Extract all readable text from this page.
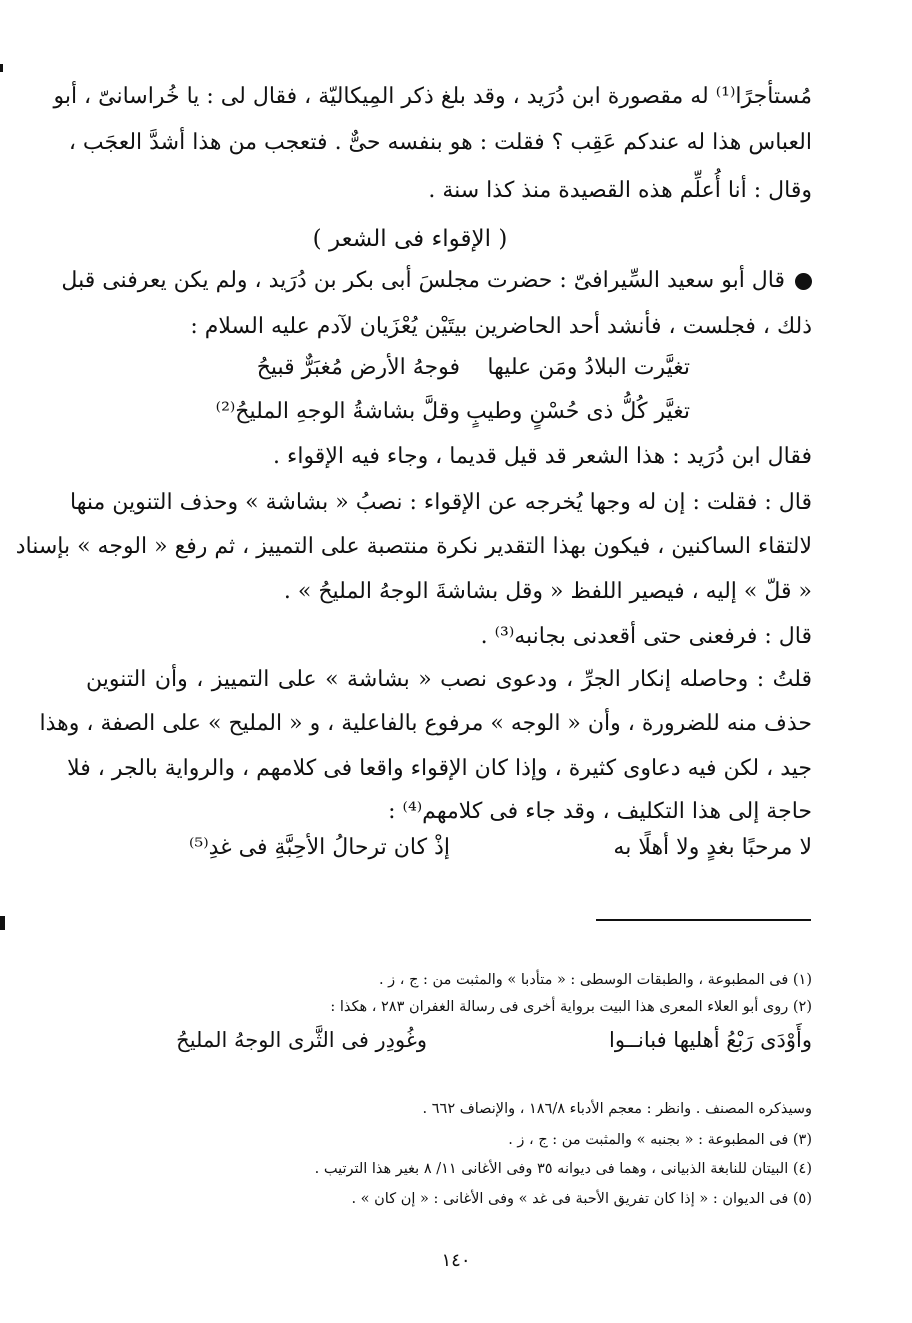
مُستأجرًا⁽¹⁾ له مقصورة ابن دُرَيد ، وقد بلغ ذكر المِيكاليّة ، فقال لى : يا خُراسانىّ ، أبو
العباس هذا له عندكم عَقِب ؟ فقلت : هو بنفسه حىٌّ . فتعجب من هذا أشدَّ العجَب ،
وقال : أنا أُعلِّم هذه القصيدة منذ كذا سنة .
( الإقواء فى الشعر )
قال أبو سعيد السِّيرافىّ : حضرت مجلسَ أبى بكر بن دُرَيد ، ولم يكن يعرفنى قبل
ذلك ، فجلست ، فأنشد أحد الحاضرين بيتَيْن يُعْزَيان لآدم عليه السلام :
تغيَّرت البلادُ ومَن عليها
فوجهُ الأرض مُغبَرٌّ قبيحُ
تغيَّر كُلُّ ذى حُسْنٍ وطيبٍ
وقلَّ بشاشةُ الوجهِ المليحُ⁽²⁾
فقال ابن دُرَيد : هذا الشعر قد قيل قديما ، وجاء فيه الإقواء .
قال : فقلت : إن له وجها يُخرجه عن الإقواء : نصبُ « بشاشة » وحذف التنوين منها
لالتقاء الساكنين ، فيكون بهذا التقدير نكرة منتصبة على التمييز ، ثم رفع « الوجه » بإسناد
« قلّ » إليه ، فيصير اللفظ « وقل بشاشةَ الوجهُ المليحُ » .
قال : فرفعنى حتى أقعدنى بجانبه⁽³⁾ .
قلتُ : وحاصله إنكار الجرِّ ، ودعوى نصب « بشاشة » على التمييز ، وأن التنوين
حذف منه للضرورة ، وأن « الوجه » مرفوع بالفاعلية ، و « المليح » على الصفة ، وهذا
جيد ، لكن فيه دعاوى كثيرة ، وإذا كان الإقواء واقعا فى كلامهم ، والرواية بالجر ، فلا
حاجة إلى هذا التكليف ، وقد جاء فى كلامهم⁽⁴⁾ :
لا مرحبًا بغدٍ ولا أهلًا به
إذْ كان ترحالُ الأحِبَّةِ فى غدِ⁽⁵⁾
(١) فى المطبوعة ، والطبقات الوسطى : « متأدبا » والمثبت من : ج ، ز .
(٢) روى أبو العلاء المعرى هذا البيت برواية أخرى فى رسالة الغفران ٢٨٣ ، هكذا :
وأَوْدَى رَبْعُ أهليها فبانــوا
وغُودِر فى الثَّرى الوجهُ المليحُ
وسيذكره المصنف . وانظر : معجم الأدباء ١٨٦/٨ ، والإنصاف ٦٦٢ .
(٣) فى المطبوعة : « بجنبه » والمثبت من : ج ، ز .
(٤) البيتان للنابغة الذبيانى ، وهما فى ديوانه ٣٥ وفى الأغانى ١١/ ٨ بغير هذا الترتيب .
(٥) فى الديوان : « إذا كان تفريق الأحبة فى غد » وفى الأغانى : « إن كان » .
١٤٠
